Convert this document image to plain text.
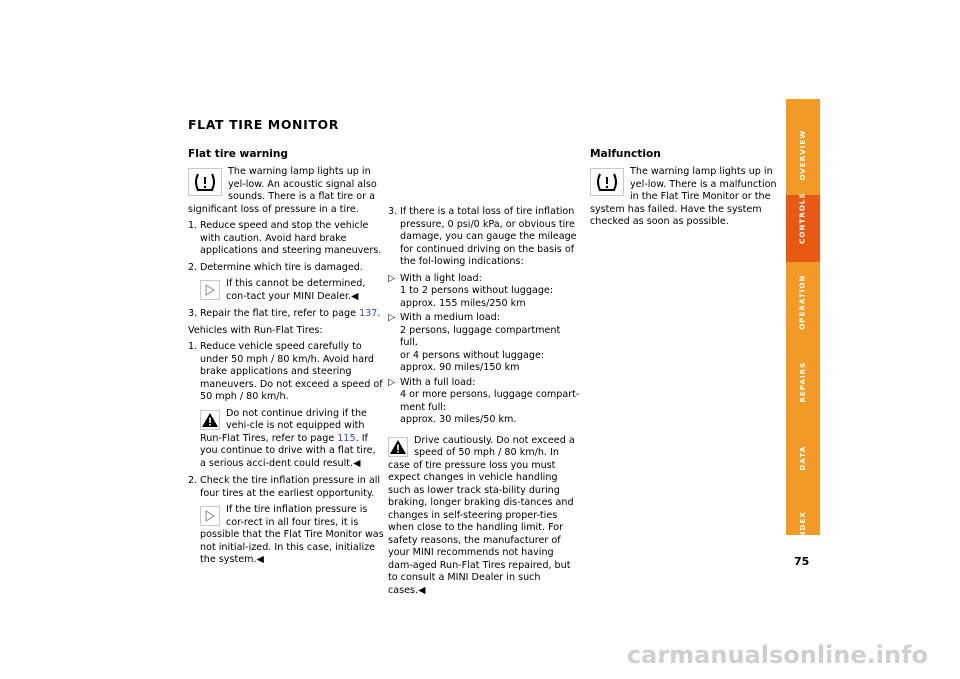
FLAT TIRE MONITOR
Flat tire warning

The warning lamp lights up in yel-low. An acoustic signal also sounds. There is a flat tire or a significant loss of pressure in a tire.

1. Reduce speed and stop the vehicle with caution. Avoid hard brake applications and steering maneuvers.
2. Determine which tire is damaged.
If this cannot be determined, con-tact your MINI Dealer.◀
3. Repair the flat tire, refer to page 137.

Vehicles with Run-Flat Tires:

1. Reduce vehicle speed carefully to under 50 mph / 80 km/h. Avoid hard brake applications and steering maneuvers. Do not exceed a speed of 50 mph / 80 km/h.
Do not continue driving if the vehi-cle is not equipped with Run-Flat Tires, refer to page 115. If you continue to drive with a flat tire, a serious acci-dent could result.◀
2. Check the tire inflation pressure in all four tires at the earliest opportunity.
If the tire inflation pressure is cor-rect in all four tires, it is possible that the Flat Tire Monitor was not initial-ized. In this case, initialize the system.◀
3. If there is a total loss of tire inflation pressure, 0 psi/0 kPa, or obvious tire damage, you can gauge the mileage for continued driving on the basis of the fol-lowing indications:
▷ With a light load:
1 to 2 persons without luggage:
approx. 155 miles/250 km
▷ With a medium load:
2 persons, luggage compartment full,
or 4 persons without luggage:
approx. 90 miles/150 km
▷ With a full load:
4 or more persons, luggage compart-ment full:
approx. 30 miles/50 km.
Drive cautiously. Do not exceed a speed of 50 mph / 80 km/h. In case of tire pressure loss you must expect changes in vehicle handling such as lower track sta-bility during braking, longer braking dis-tances and changes in self-steering proper-ties when close to the handling limit. For safety reasons, the manufacturer of your MINI recommends not having dam-aged Run-Flat Tires repaired, but to consult a MINI Dealer in such cases.◀
Malfunction

The warning lamp lights up in yel-low. There is a malfunction in the Flat Tire Monitor or the system has failed. Have the system checked as soon as possible.

OVERVIEW
CONTROLS
OPERATION
REPAIRS
DATA
INDEX
75
carmanualsonline.info
